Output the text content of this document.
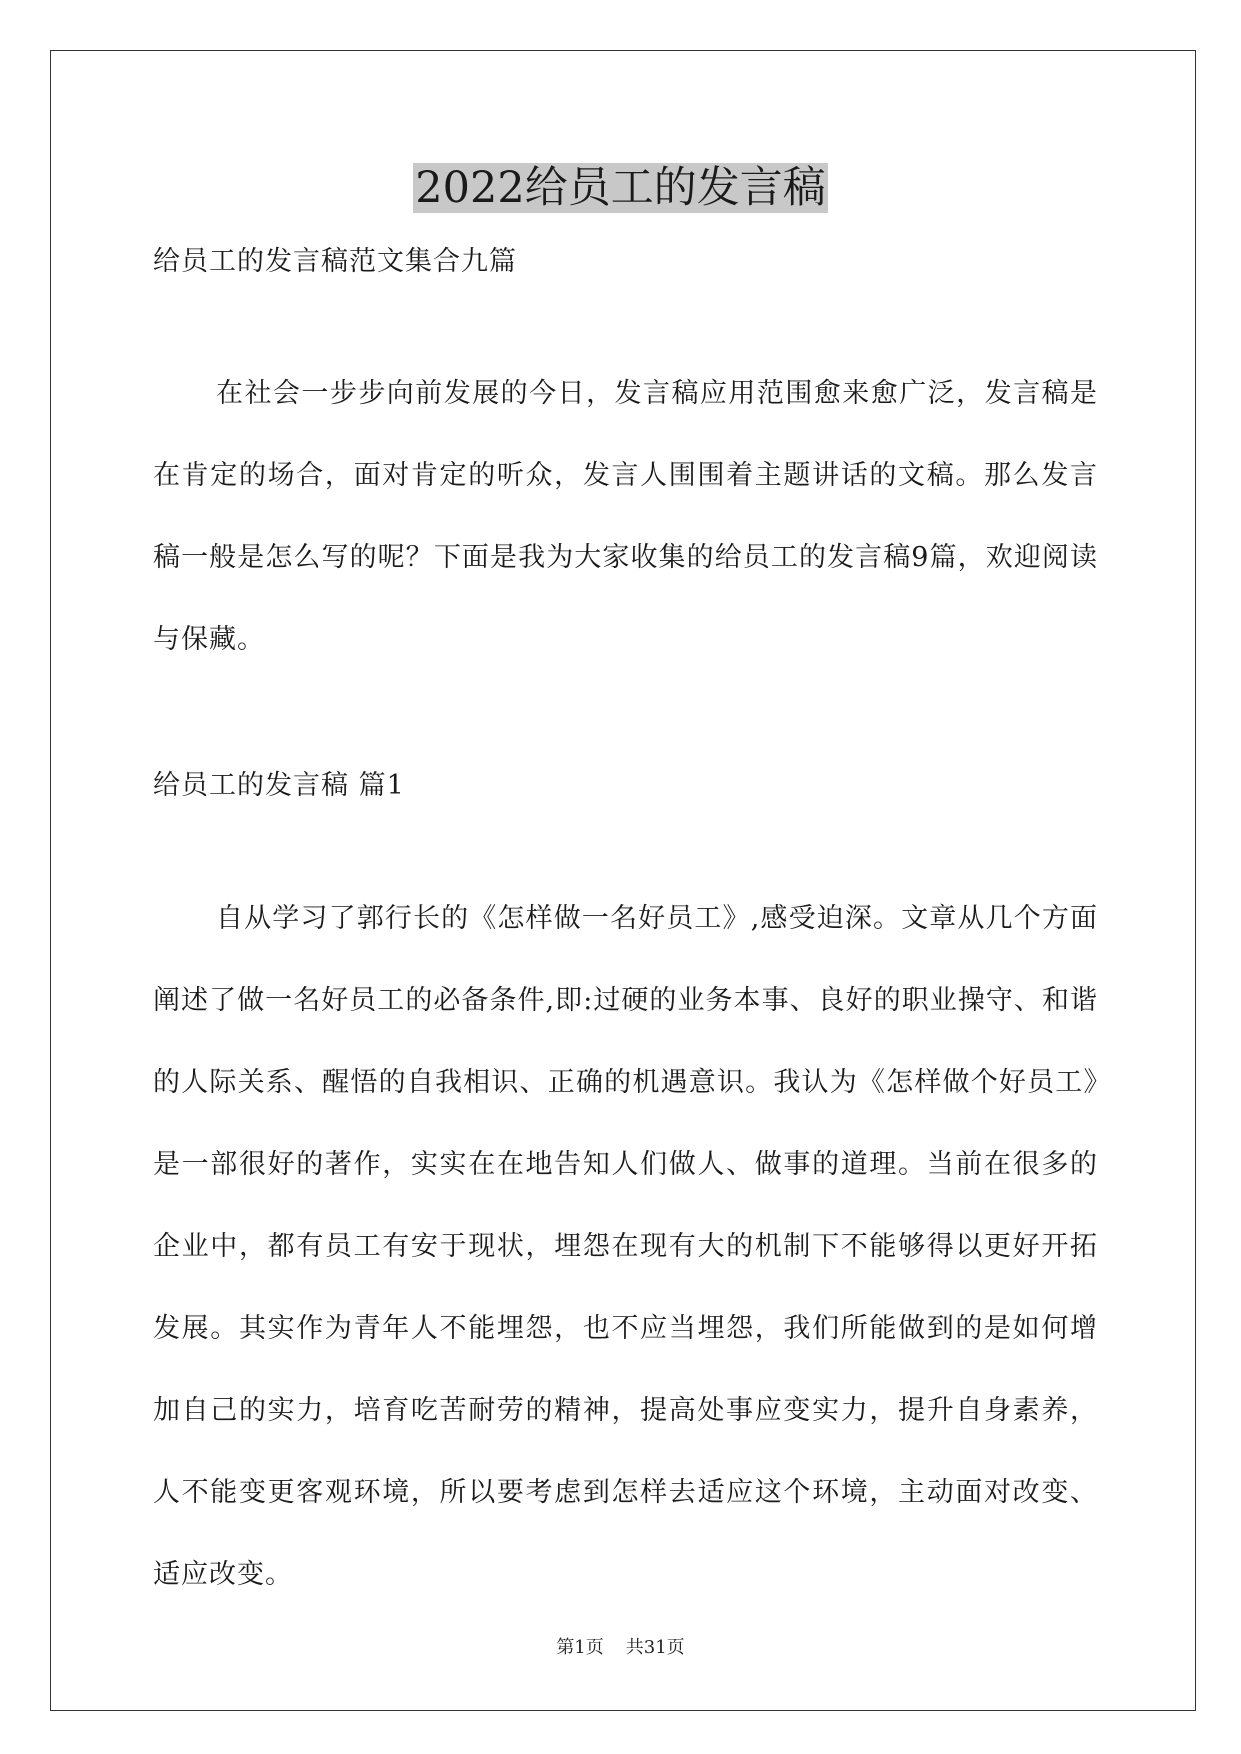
2022给员工的发言稿

给员工的发言稿范文集合九篇

在社会一步步向前发展的今日，发言稿应用范围愈来愈广泛，发言稿是在肯定的场合，面对肯定的听众，发言人围围着主题讲话的文稿。那么发言稿一般是怎么写的呢？下面是我为大家收集的给员工的发言稿9篇，欢迎阅读与保藏。

给员工的发言稿 篇1

自从学习了郭行长的《怎样做一名好员工》,感受迫深。文章从几个方面阐述了做一名好员工的必备条件,即:过硬的业务本事、良好的职业操守、和谐的人际关系、醒悟的自我相识、正确的机遇意识。我认为《怎样做个好员工》是一部很好的著作，实实在在地告知人们做人、做事的道理。当前在很多的企业中，都有员工有安于现状，埋怨在现有大的机制下不能够得以更好开拓发展。其实作为青年人不能埋怨，也不应当埋怨，我们所能做到的是如何增加自己的实力，培育吃苦耐劳的精神，提高处事应变实力，提升自身素养，人不能变更客观环境，所以要考虑到怎样去适应这个环境，主动面对改变、适应改变。

第1页 共31页
